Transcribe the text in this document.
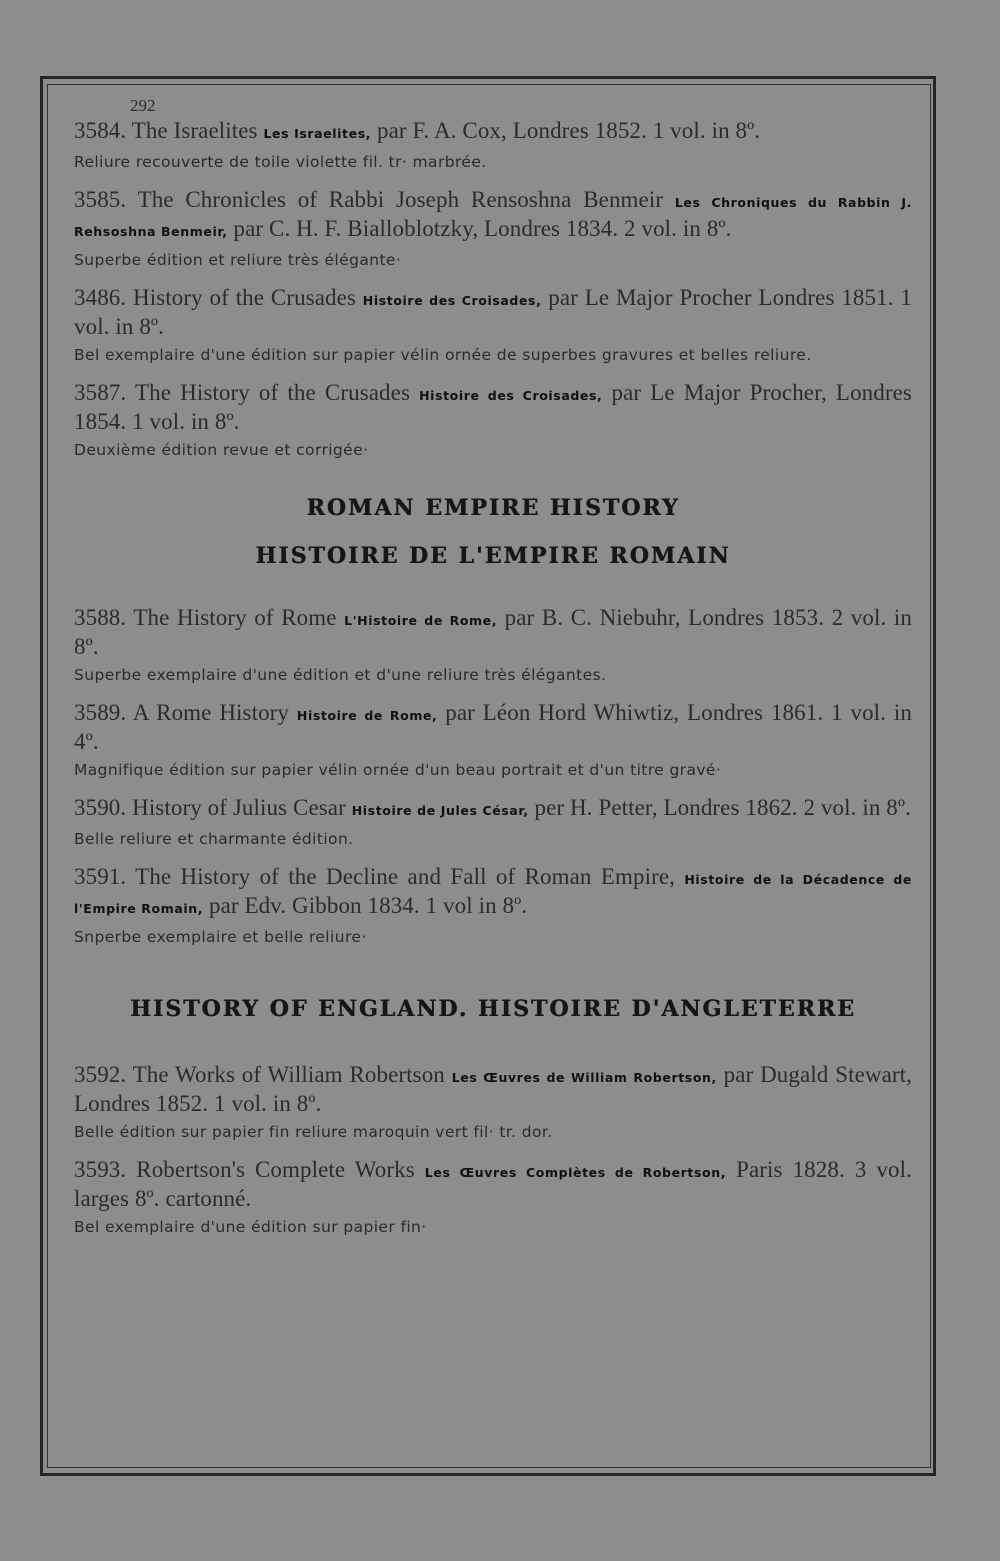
292
3584. The Israelites Les Israelites, par F. A. Cox, Londres 1852. 1 vol. in 8º.
Reliure recouverte de toile violette fil. tr· marbrée.
3585. The Chronicles of Rabbi Joseph Rensoshna Benmeir Les Chroniques du Rabbin J. Rehsoshna Benmeir, par C. H. F. Bialloblotzky, Londres 1834. 2 vol. in 8º.
Superbe édition et reliure très élégante·
3486. History of the Crusades Histoire des Croisades, par Le Major Procher Londres 1851. 1 vol. in 8º.
Bel exemplaire d'une édition sur papier vélin ornée de superbes gravures et belles reliure.
3587. The History of the Crusades Histoire des Croisades, par Le Major Procher, Londres 1854. 1 vol. in 8º.
Deuxième édition revue et corrigée·
ROMAN EMPIRE HISTORY
HISTOIRE DE L'EMPIRE ROMAIN
3588. The History of Rome L'Histoire de Rome, par B. C. Niebuhr, Londres 1853. 2 vol. in 8º.
Superbe exemplaire d'une édition et d'une reliure très élégantes.
3589. A Rome History Histoire de Rome, par Léon Hord Whiwtiz, Londres 1861. 1 vol. in 4º.
Magnifique édition sur papier vélin ornée d'un beau portrait et d'un titre gravé·
3590. History of Julius Cesar Histoire de Jules César, per H. Petter, Londres 1862. 2 vol. in 8º.
Belle reliure et charmante édition.
3591. The History of the Decline and Fall of Roman Empire, Histoire de la Décadence de l'Empire Romain, par Edv. Gibbon 1834. 1 vol in 8º.
Snperbe exemplaire et belle reliure·
HISTORY OF ENGLAND. HISTOIRE D'ANGLETERRE
3592. The Works of William Robertson Les Œuvres de William Robertson, par Dugald Stewart, Londres 1852. 1 vol. in 8º.
Belle édition sur papier fin reliure maroquin vert fil· tr. dor.
3593. Robertson's Complete Works Les Œuvres Complètes de Robertson, Paris 1828. 3 vol. larges 8º. cartonné.
Bel exemplaire d'une édition sur papier fin·
